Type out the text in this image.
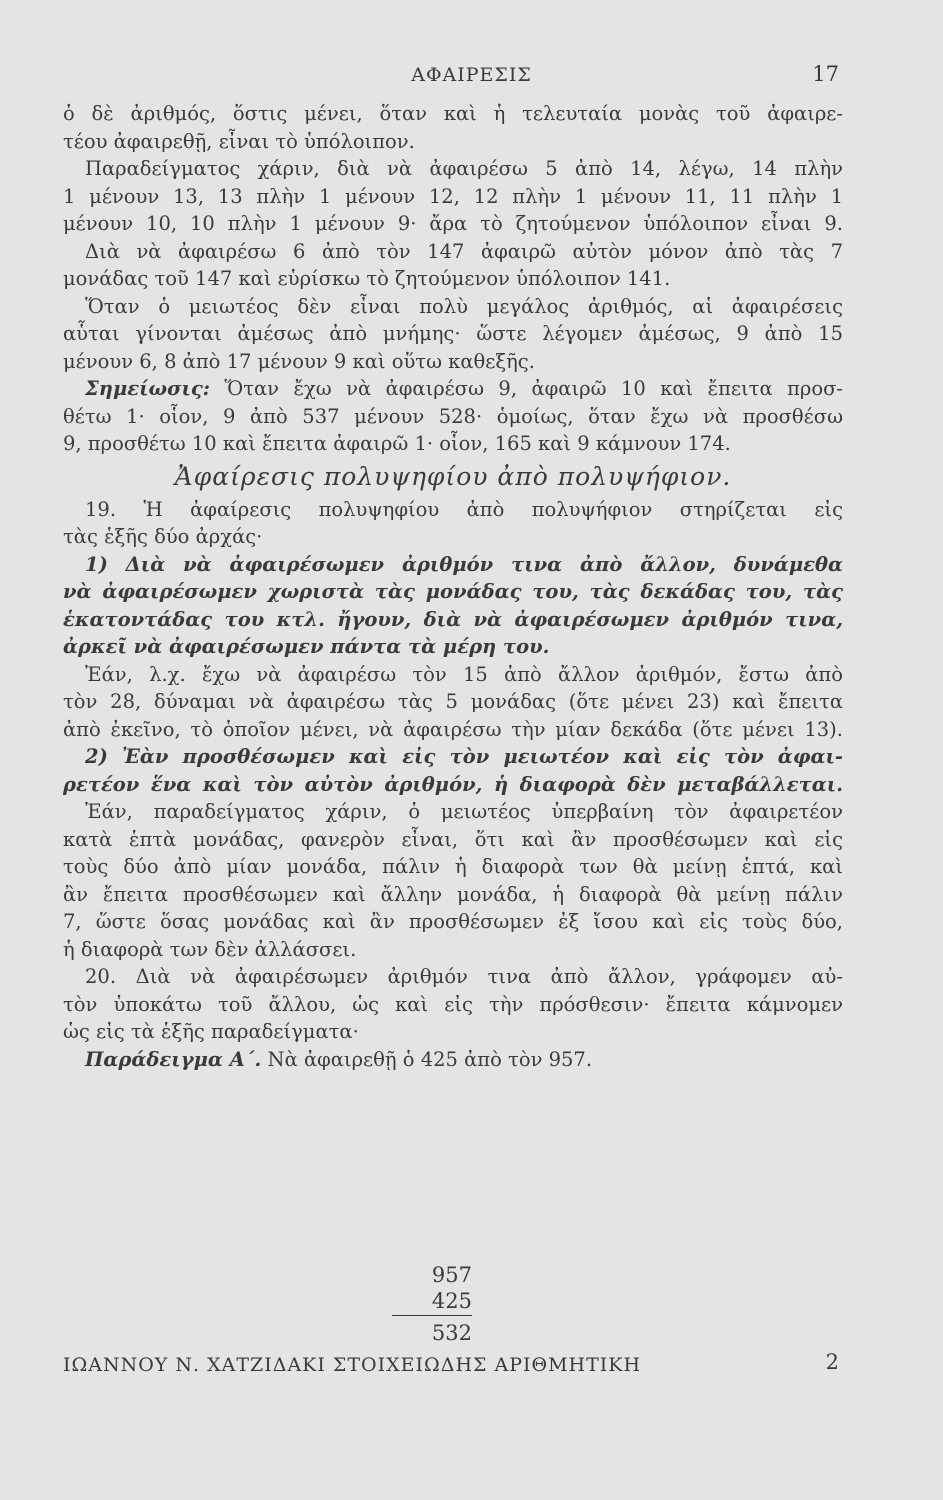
ΑΦΑΙΡΕΣΙΣ	17
ὁ δὲ ἀριθμός, ὅστις μένει, ὅταν καὶ ἡ τελευταία μονὰς τοῦ ἀφαιρε-
τέου ἀφαιρεθῇ, εἶναι τὸ ὑπόλοιπον.
Παραδείγματος χάριν, διὰ νὰ ἀφαιρέσω 5 ἀπὸ 14, λέγω, 14 πλὴν
1 μένουν 13, 13 πλὴν 1 μένουν 12, 12 πλὴν 1 μένουν 11, 11 πλὴν 1
μένουν 10, 10 πλὴν 1 μένουν 9· ἄρα τὸ ζητούμενον ὑπόλοιπον εἶναι 9.
Διὰ νὰ ἀφαιρέσω 6 ἀπὸ τὸν 147 ἀφαιρῶ αὐτὸν μόνον ἀπὸ τὰς 7
μονάδας τοῦ 147 καὶ εὑρίσκω τὸ ζητούμενον ὑπόλοιπον 141.
Ὅταν ὁ μειωτέος δὲν εἶναι πολὺ μεγάλος ἀριθμός, αἱ ἀφαιρέσεις
αὗται γίνονται ἀμέσως ἀπὸ μνήμης· ὥστε λέγομεν ἀμέσως, 9 ἀπὸ 15
μένουν 6, 8 ἀπὸ 17 μένουν 9 καὶ οὕτω καθεξῆς.
Σημείωσις: Ὅταν ἔχω νὰ ἀφαιρέσω 9, ἀφαιρῶ 10 καὶ ἔπειτα προσ-
θέτω 1· οἷον, 9 ἀπὸ 537 μένουν 528· ὁμοίως, ὅταν ἔχω νὰ προσθέσω
9, προσθέτω 10 καὶ ἔπειτα ἀφαιρῶ 1· οἷον, 165 καὶ 9 κάμνουν 174.
Ἀφαίρεσις πολυψηφίου ἀπὸ πολυψήφιον.
19. Ἡ ἀφαίρεσις πολυψηφίου ἀπὸ πολυψήφιον στηρίζεται εἰς
τὰς ἑξῆς δύο ἀρχάς·
1) Διὰ νὰ ἀφαιρέσωμεν ἀριθμόν τινα ἀπὸ ἄλλον, δυνάμεθα
νὰ ἀφαιρέσωμεν χωριστὰ τὰς μονάδας του, τὰς δεκάδας του, τὰς
ἑκατοντάδας του κτλ. ἤγουν, διὰ νὰ ἀφαιρέσωμεν ἀριθμόν τινα,
ἀρκεῖ νὰ ἀφαιρέσωμεν πάντα τὰ μέρη του.
Ἐάν, λ.χ. ἔχω νὰ ἀφαιρέσω τὸν 15 ἀπὸ ἄλλον ἀριθμόν, ἔστω ἀπὸ
τὸν 28, δύναμαι νὰ ἀφαιρέσω τὰς 5 μονάδας (ὅτε μένει 23) καὶ ἔπειτα
ἀπὸ ἐκεῖνο, τὸ ὁποῖον μένει, νὰ ἀφαιρέσω τὴν μίαν δεκάδα (ὅτε μένει 13).
2) Ἐὰν προσθέσωμεν καὶ εἰς τὸν μειωτέον καὶ εἰς τὸν ἀφαι-
ρετέον ἕνα καὶ τὸν αὐτὸν ἀριθμόν, ἡ διαφορὰ δὲν μεταβάλλεται.
Ἐάν, παραδείγματος χάριν, ὁ μειωτέος ὑπερβαίνη τὸν ἀφαιρετέον
κατὰ ἑπτὰ μονάδας, φανερὸν εἶναι, ὅτι καὶ ἂν προσθέσωμεν καὶ εἰς
τοὺς δύο ἀπὸ μίαν μονάδα, πάλιν ἡ διαφορὰ των θὰ μείνῃ ἑπτά, καὶ
ἂν ἔπειτα προσθέσωμεν καὶ ἄλλην μονάδα, ἡ διαφορὰ θὰ μείνῃ πάλιν
7, ὥστε ὅσας μονάδας καὶ ἂν προσθέσωμεν ἐξ ἴσου καὶ εἰς τοὺς δύο,
ἡ διαφορὰ των δὲν ἀλλάσσει.
20. Διὰ νὰ ἀφαιρέσωμεν ἀριθμόν τινα ἀπὸ ἄλλον, γράφομεν αὐ-
τὸν ὑποκάτω τοῦ ἄλλου, ὡς καὶ εἰς τὴν πρόσθεσιν· ἔπειτα κάμνομεν
ὡς εἰς τὰ ἑξῆς παραδείγματα·
Παράδειγμα Α΄. Νὰ ἀφαιρεθῇ ὁ 425 ἀπὸ τὸν 957.
957
425
532
ΙΩΑΝΝΟΥ Ν. ΧΑΤΖΙΔΑΚΙ ΣΤΟΙΧΕΙΩΔΗΣ ΑΡΙΘΜΗΤΙΚΗ	2
